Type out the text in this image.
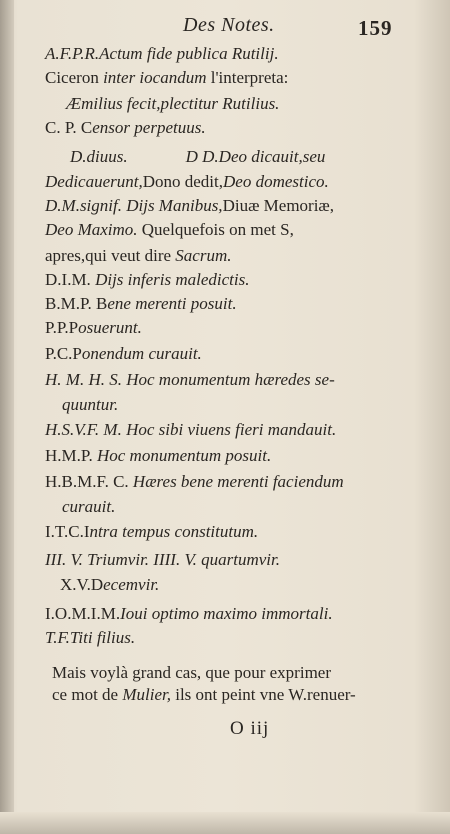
Des Notes.	159
A.F.P.R.Actum fide publica Rutilij.
Ciceron inter iocandum l'interpreta:
Æmilius fecit,plectitur Rutilius.
C. P. Censor perpetuus.
D.diuus.	D D.Deo dicauit,seu
Dedicauerunt,Dono dedit,Deo domestico.
D.M.signif. Dijs Manibus,Diuæ Memoriæ,
Deo Maximo. Quelquefois on met S,
apres,qui veut dire Sacrum.
D.I.M. Dijs inferis maledictis.
B.M.P. Bene merenti posuit.
P.P.Posuerunt.
P.C.Ponendum curauit.
H. M. H. S. Hoc monumentum hæredes se-
quuntur.
H.S.V.F. M. Hoc sibi viuens fieri mandauit.
H.M.P. Hoc monumentum posuit.
H.B.M.F. C. Hæres bene merenti faciendum
curauit.
I.T.C.Intra tempus constitutum.
III. V. Triumvir. IIII. V. quartumvir.
X.V.Decemvir.
I.O.M.I.M.Ioui optimo maximo immortali.
T.F.Titi filius.
Mais voylà grand cas, que pour exprimer
ce mot de Mulier, ils ont peint vne W.renuer-
O iij
